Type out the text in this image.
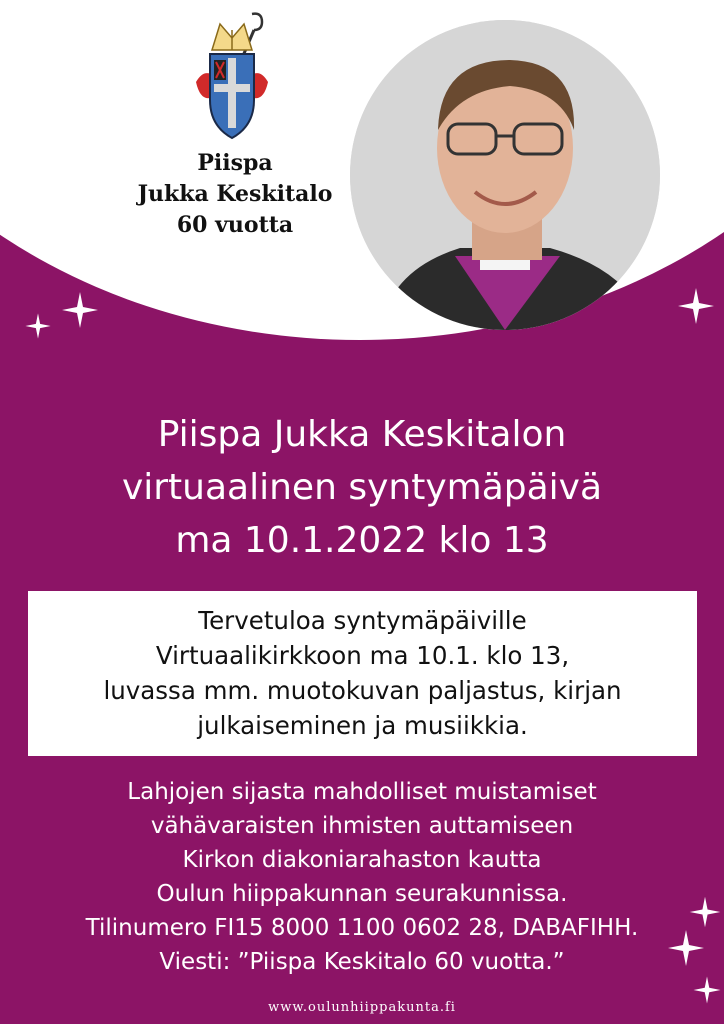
Piispa
Jukka Keskitalo
60 vuotta
Piispa Jukka Keskitalon
virtuaalinen syntymäpäivä
ma 10.1.2022 klo 13
Tervetuloa syntymäpäiville
Virtuaalikirkkoon ma 10.1. klo 13,
luvassa mm. muotokuvan paljastus, kirjan
julkaiseminen ja musiikkia.
Lahjojen sijasta mahdolliset muistamiset
vähävaraisten ihmisten auttamiseen
Kirkon diakoniarahaston kautta
Oulun hiippakunnan seurakunnissa.
Tilinumero FI15 8000 1100 0602 28, DABAFIHH.
Viesti: ”Piispa Keskitalo 60 vuotta.”
www.oulunhiippakunta.fi
